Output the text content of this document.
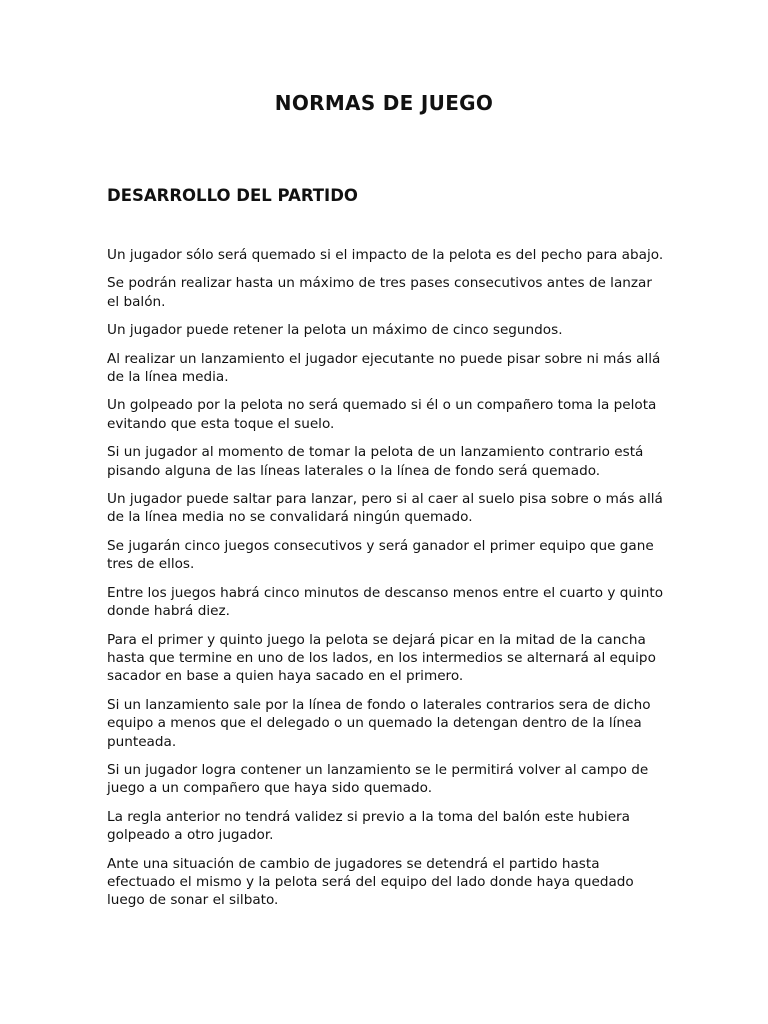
NORMAS DE JUEGO
DESARROLLO DEL PARTIDO

Un jugador sólo será quemado si el impacto de la pelota es del pecho para abajo.

Se podrán realizar hasta un máximo de tres pases consecutivos antes de lanzar el balón.

Un jugador puede retener la pelota un máximo de cinco segundos.

Al realizar un lanzamiento el jugador ejecutante no puede pisar sobre ni más allá de la línea media.

Un golpeado por la pelota no será quemado si él o un compañero toma la pelota evitando que esta toque el suelo.

Si un jugador al momento de tomar la pelota de un lanzamiento contrario está pisando alguna de las líneas laterales o la línea de fondo será quemado.

Un jugador puede saltar para lanzar, pero si al caer al suelo pisa sobre o más allá de la línea media no se convalidará ningún quemado.

Se jugarán cinco juegos consecutivos y será ganador el primer equipo que gane tres de ellos.

Entre los juegos habrá cinco minutos de descanso menos entre el cuarto y quinto donde habrá diez.

Para el primer y quinto juego la pelota se dejará picar en la mitad de la cancha hasta que termine en uno de los lados, en los intermedios se alternará al equipo sacador en base a quien haya sacado en el primero.

Si un lanzamiento sale por la línea de fondo o laterales contrarios sera de dicho equipo a menos que el delegado o un quemado la detengan dentro de la línea punteada.

Si un jugador logra contener un lanzamiento se le permitirá volver al campo de juego a un compañero que haya sido quemado.

La regla anterior no tendrá validez si previo a la toma del balón este hubiera golpeado a otro jugador.

Ante una situación de cambio de jugadores se detendrá el partido hasta efectuado el mismo y la pelota será del equipo del lado donde haya quedado luego de sonar el silbato.
